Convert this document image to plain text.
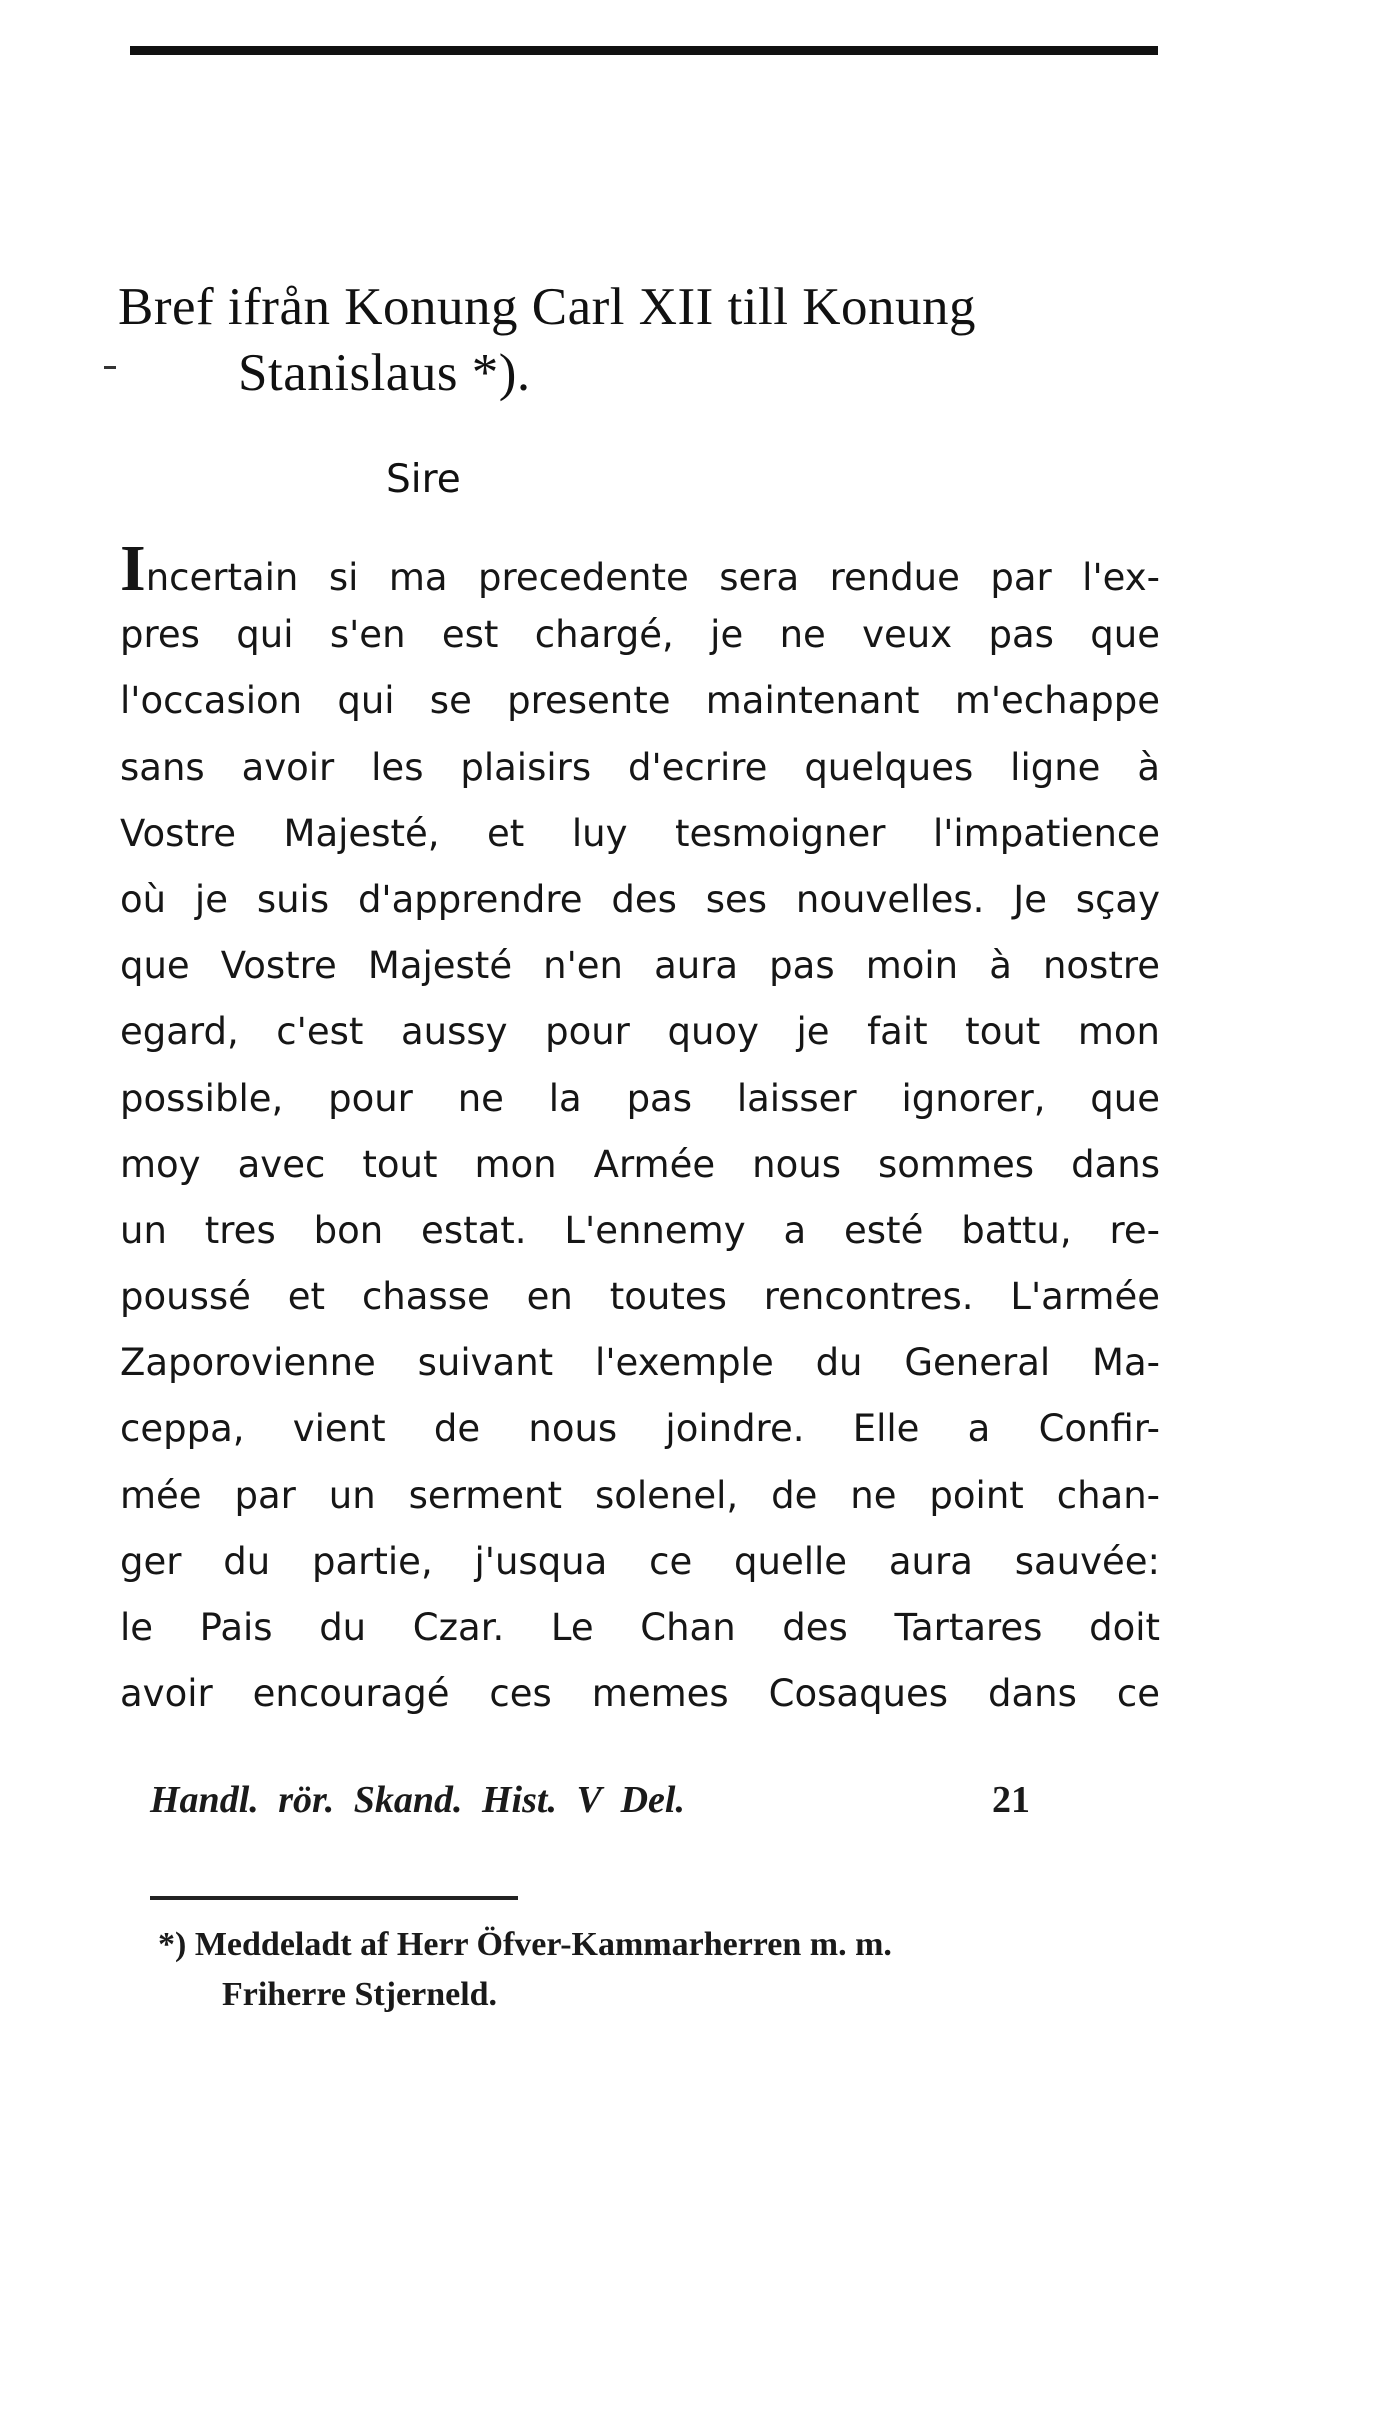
Bref ifrån Konung Carl XII till Konung
Stanislaus *).
Sire
Incertain si ma precedente sera rendue par l'ex-
pres qui s'en est chargé, je ne veux pas que
l'occasion qui se presente maintenant m'echappe
sans avoir les plaisirs d'ecrire quelques ligne à
Vostre Majesté, et luy tesmoigner l'impatience
où je suis d'apprendre des ses nouvelles. Je sçay
que Vostre Majesté n'en aura pas moin à nostre
egard, c'est aussy pour quoy je fait tout mon
possible, pour ne la pas laisser ignorer, que
moy avec tout mon Armée nous sommes dans
un tres bon estat. L'ennemy a esté battu, re-
poussé et chasse en toutes rencontres. L'armée
Zaporovienne suivant l'exemple du General Ma-
ceppa, vient de nous joindre. Elle a Confir-
mée par un serment solenel, de ne point chan-
ger du partie, j'usqua ce quelle aura sauvée:
le Pais du Czar. Le Chan des Tartares doit
avoir encouragé ces memes Cosaques dans ce
Handl. rör. Skand. Hist. V Del.	21
*) Meddeladt af Herr Öfver-Kammarherren m. m.
Friherre Stjerneld.
